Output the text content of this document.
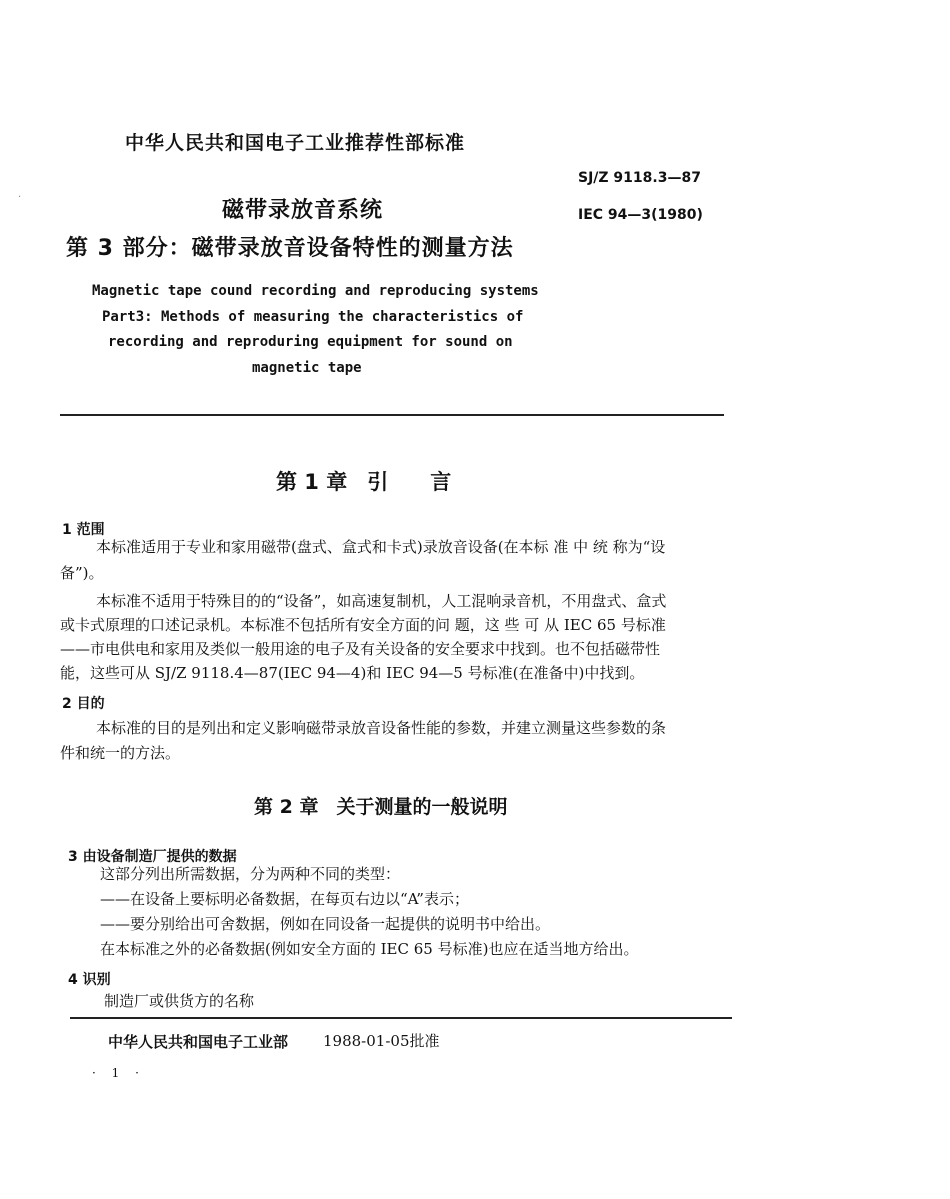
·
中华人民共和国电子工业推荐性部标准
SJ/Z 9118.3—87
IEC 94—3(1980)
磁带录放音系统
第 3 部分：磁带录放音设备特性的测量方法
Magnetic tape cound recording and reproducing systems
Part3: Methods of measuring the characteristics of
recording and reproduring equipment for sound on
magnetic tape
第 1 章 引言
1 范围
本标准适用于专业和家用磁带(盘式、盒式和卡式)录放音设备(在本标 准 中 统 称为“设
备”)。
本标准不适用于特殊目的的“设备”，如高速复制机，人工混响录音机，不用盘式、盒式
或卡式原理的口述记录机。本标准不包括所有安全方面的问 题，这 些 可 从 IEC 65 号标准
——市电供电和家用及类似一般用途的电子及有关设备的安全要求中找到。也不包括磁带性
能，这些可从 SJ/Z 9118.4—87(IEC 94—4)和 IEC 94—5 号标准(在准备中)中找到。
2 目的
本标准的目的是列出和定义影响磁带录放音设备性能的参数，并建立测量这些参数的条
件和统一的方法。
第 2 章 关于测量的一般说明
3 由设备制造厂提供的数据
这部分列出所需数据，分为两种不同的类型：
——在设备上要标明必备数据，在每页右边以“A”表示；
——要分别给出可舍数据，例如在同设备一起提供的说明书中给出。
在本标准之外的必备数据(例如安全方面的 IEC 65 号标准)也应在适当地方给出。
4 识别
制造厂或供货方的名称
中华人民共和国电子工业部 1988-01-05批准
· 1 ·
